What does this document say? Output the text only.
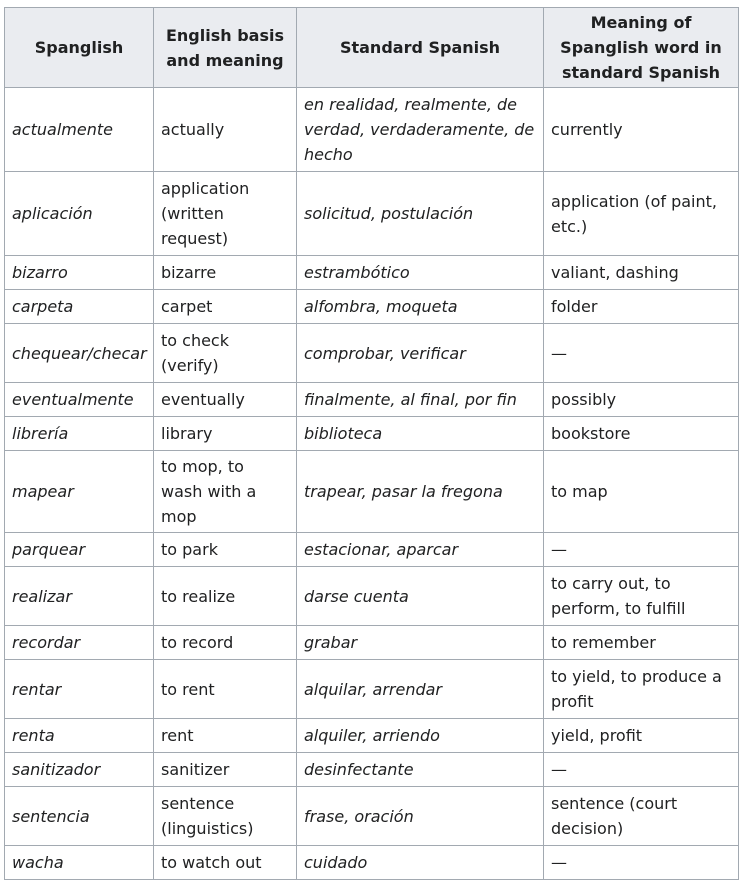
Spanglish	English basis and meaning	Standard Spanish	Meaning of Spanglish word in standard Spanish
actualmente	actually	en realidad, realmente, de verdad, verdaderamente, de hecho	currently
aplicación	application (written request)	solicitud, postulación	application (of paint, etc.)
bizarro	bizarre	estrambótico	valiant, dashing
carpeta	carpet	alfombra, moqueta	folder
chequear/checar	to check (verify)	comprobar, verificar	—
eventualmente	eventually	finalmente, al final, por fin	possibly
librería	library	biblioteca	bookstore
mapear	to mop, to wash with a mop	trapear, pasar la fregona	to map
parquear	to park	estacionar, aparcar	—
realizar	to realize	darse cuenta	to carry out, to perform, to fulfill
recordar	to record	grabar	to remember
rentar	to rent	alquilar, arrendar	to yield, to produce a profit
renta	rent	alquiler, arriendo	yield, profit
sanitizador	sanitizer	desinfectante	—
sentencia	sentence (linguistics)	frase, oración	sentence (court decision)
wacha	to watch out	cuidado	—
